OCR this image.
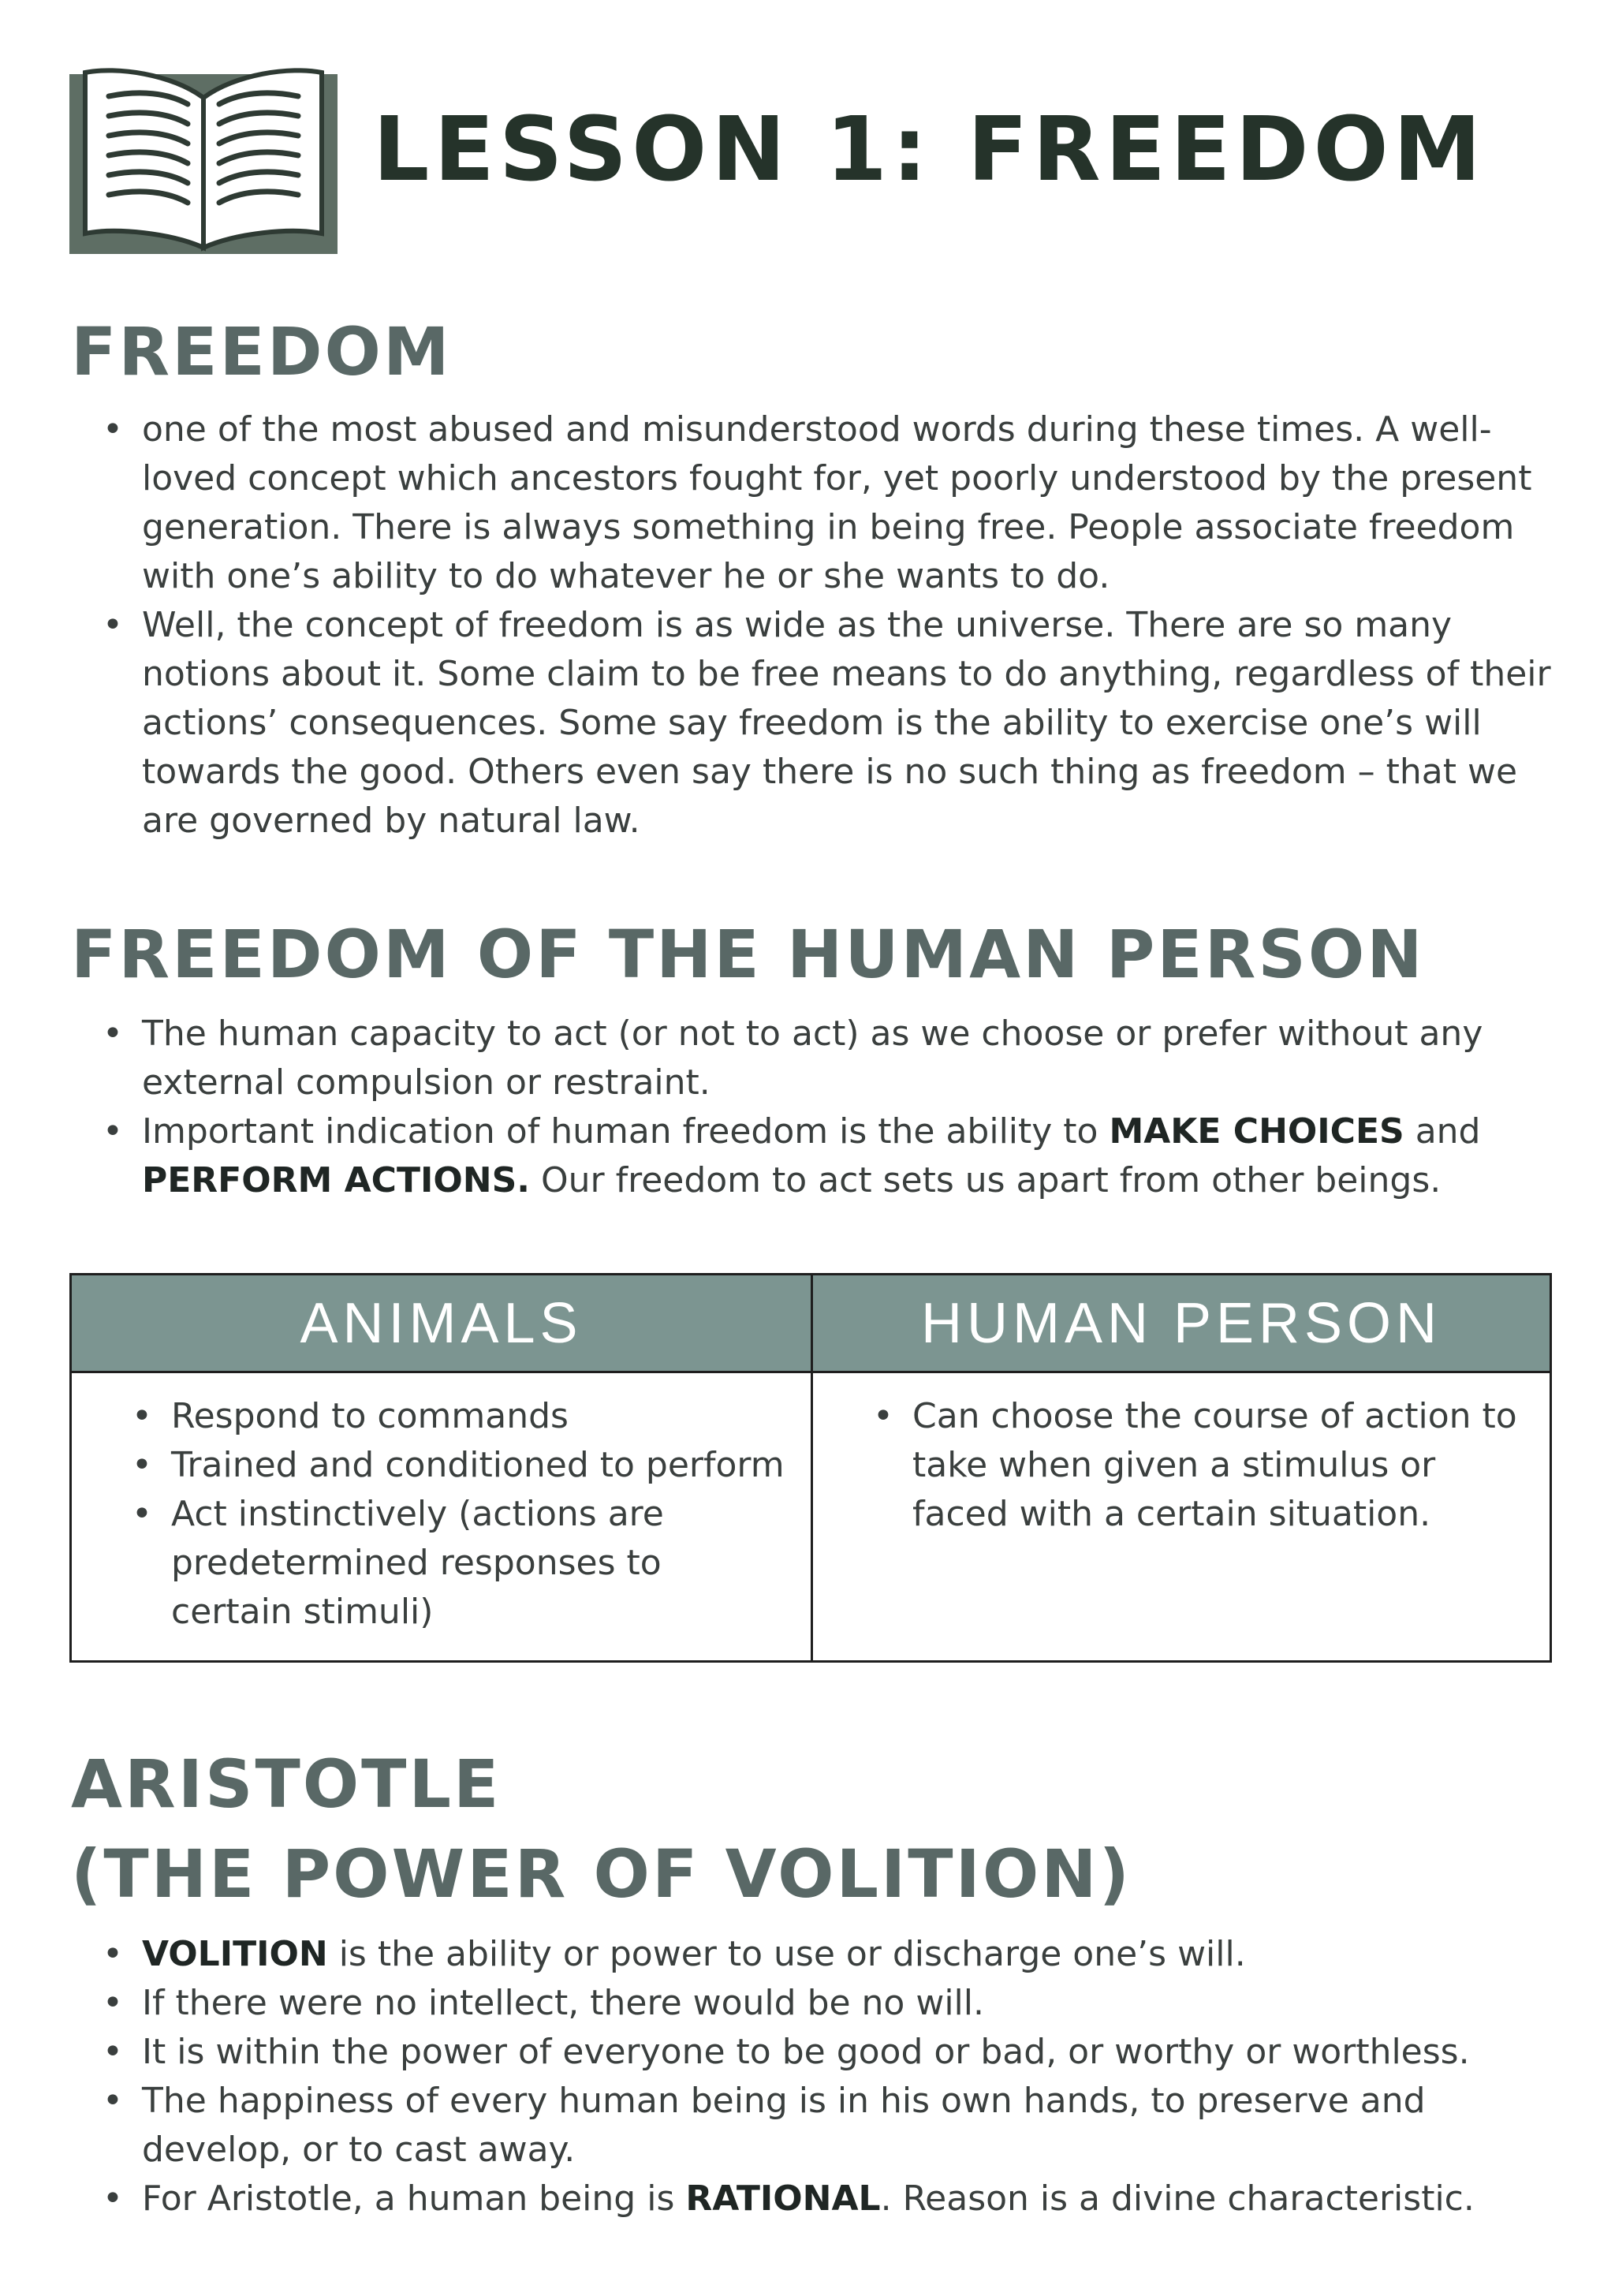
LESSON 1: FREEDOM
FREEDOM
• one of the most abused and misunderstood words during these times. A well-loved concept which ancestors fought for, yet poorly understood by the present generation. There is always something in being free. People associate freedom with one’s ability to do whatever he or she wants to do.
• Well, the concept of freedom is as wide as the universe. There are so many notions about it. Some claim to be free means to do anything, regardless of their actions’ consequences. Some say freedom is the ability to exercise one’s will towards the good. Others even say there is no such thing as freedom – that we are governed by natural law.
FREEDOM OF THE HUMAN PERSON
• The human capacity to act (or not to act) as we choose or prefer without any external compulsion or restraint.
• Important indication of human freedom is the ability to MAKE CHOICES and PERFORM ACTIONS. Our freedom to act sets us apart from other beings.
ANIMALS
• Respond to commands
• Trained and conditioned to perform
• Act instinctively (actions are predetermined responses to certain stimuli)
HUMAN PERSON
• Can choose the course of action to take when given a stimulus or faced with a certain situation.
ARISTOTLE
(THE POWER OF VOLITION)
• VOLITION is the ability or power to use or discharge one’s will.
• If there were no intellect, there would be no will.
• It is within the power of everyone to be good or bad, or worthy or worthless.
• The happiness of every human being is in his own hands, to preserve and develop, or to cast away.
• For Aristotle, a human being is RATIONAL. Reason is a divine characteristic.
